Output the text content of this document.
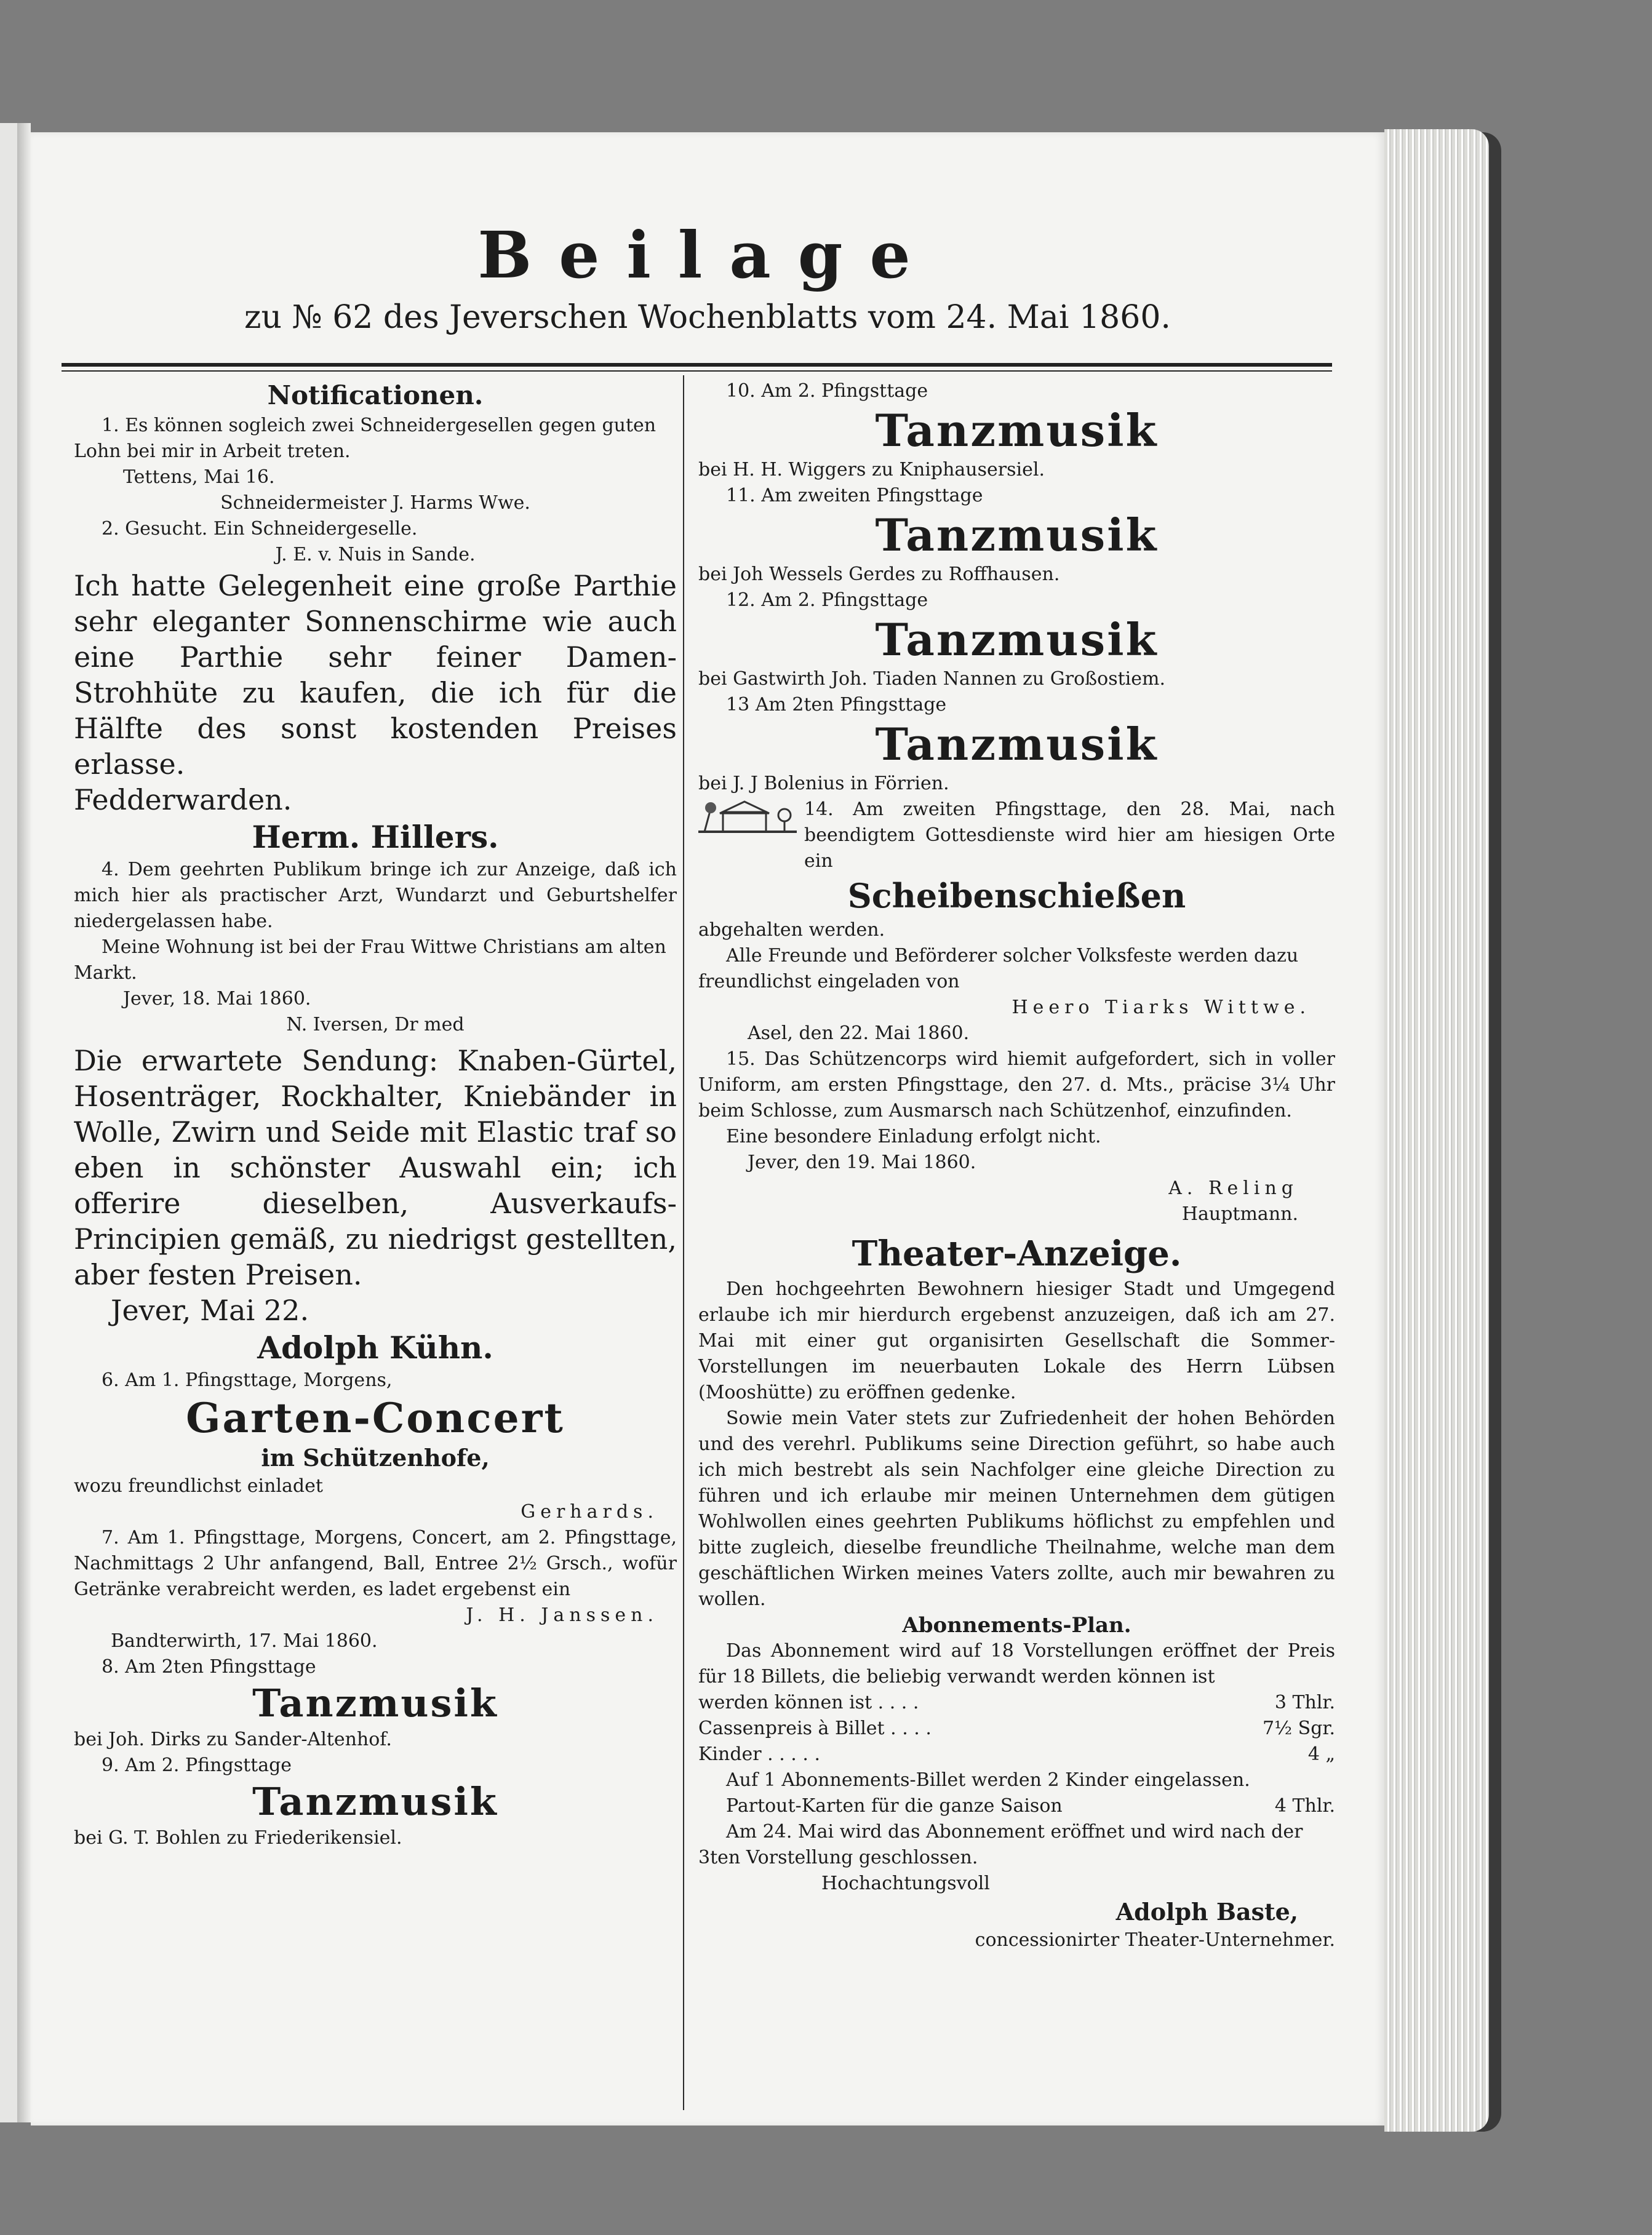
Beilage
zu № 62 des Jeverschen Wochenblatts vom 24. Mai 1860.

Notificationen.

1. Es können sogleich zwei Schneidergesellen gegen guten Lohn bei mir in Arbeit treten.

Tettens, Mai 16.

Schneidermeister J. Harms Wwe.

2. Gesucht. Ein Schneidergeselle.

J. E. v. Nuis in Sande.

Ich hatte Gelegenheit eine große Parthie sehr eleganter Sonnenschirme wie auch eine Parthie sehr feiner Damen-Strohhüte zu kaufen, die ich für die Hälfte des sonst kostenden Preises erlasse.

Fedderwarden.

Herm. Hillers.

4. Dem geehrten Publikum bringe ich zur Anzeige, daß ich mich hier als practischer Arzt, Wundarzt und Geburtshelfer niedergelassen habe.

Meine Wohnung ist bei der Frau Wittwe Christians am alten Markt.

Jever, 18. Mai 1860.

N. Iversen, Dr med

Die erwartete Sendung: Knaben-Gürtel, Hosenträger, Rockhalter, Kniebänder in Wolle, Zwirn und Seide mit Elastic traf so eben in schönster Auswahl ein; ich offerire dieselben, Ausverkaufs-Principien gemäß, zu niedrigst gestellten, aber festen Preisen.

Jever, Mai 22.

Adolph Kühn.

6. Am 1. Pfingsttage, Morgens,

Garten-Concert

im Schützenhofe,

wozu freundlichst einladet

Gerhards.

7. Am 1. Pfingsttage, Morgens, Concert, am 2. Pfingsttage, Nachmittags 2 Uhr anfangend, Ball, Entree 2½ Grsch., wofür Getränke verabreicht werden, es ladet ergebenst ein

J. H. Janssen.

Bandterwirth, 17. Mai 1860.

8. Am 2ten Pfingsttage

Tanzmusik

bei Joh. Dirks zu Sander-Altenhof.

9. Am 2. Pfingsttage

Tanzmusik

bei G. T. Bohlen zu Friederikensiel.

10. Am 2. Pfingsttage

Tanzmusik

bei H. H. Wiggers zu Kniphausersiel.

11. Am zweiten Pfingsttage

Tanzmusik

bei Joh Wessels Gerdes zu Roffhausen.

12. Am 2. Pfingsttage

Tanzmusik

bei Gastwirth Joh. Tiaden Nannen zu Großostiem.

13 Am 2ten Pfingsttage

Tanzmusik

bei J. J Bolenius in Förrien.

14. Am zweiten Pfingsttage, den 28. Mai, nach beendigtem Gottesdienste wird hier am hiesigen Orte ein

Scheibenschießen

abgehalten werden.

Alle Freunde und Beförderer solcher Volksfeste werden dazu freundlichst eingeladen von

Heero Tiarks Wittwe.

Asel, den 22. Mai 1860.

15. Das Schützencorps wird hiemit aufgefordert, sich in voller Uniform, am ersten Pfingsttage, den 27. d. Mts., präcise 3¼ Uhr beim Schlosse, zum Ausmarsch nach Schützenhof, einzufinden.

Eine besondere Einladung erfolgt nicht.

Jever, den 19. Mai 1860.

A. Reling

Hauptmann.

Theater-Anzeige.

Den hochgeehrten Bewohnern hiesiger Stadt und Umgegend erlaube ich mir hierdurch ergebenst anzuzeigen, daß ich am 27. Mai mit einer gut organisirten Gesellschaft die Sommer-Vorstellungen im neuerbauten Lokale des Herrn Lübsen (Mooshütte) zu eröffnen gedenke.

Sowie mein Vater stets zur Zufriedenheit der hohen Behörden und des verehrl. Publikums seine Direction geführt, so habe auch ich mich bestrebt als sein Nachfolger eine gleiche Direction zu führen und ich erlaube mir meinen Unternehmen dem gütigen Wohlwollen eines geehrten Publikums höflichst zu empfehlen und bitte zugleich, dieselbe freundliche Theilnahme, welche man dem geschäftlichen Wirken meines Vaters zollte, auch mir bewahren zu wollen.

Abonnements-Plan.

Das Abonnement wird auf 18 Vorstellungen eröffnet der Preis für 18 Billets, die beliebig verwandt werden können ist

werden können ist . . . .	3 Thlr.
Cassenpreis à Billet . . . .	7½ Sgr.
Kinder . . . . .	4 „

Auf 1 Abonnements-Billet werden 2 Kinder eingelassen.

Partout-Karten für die ganze Saison	4 Thlr.

Am 24. Mai wird das Abonnement eröffnet und wird nach der 3ten Vorstellung geschlossen.

Hochachtungsvoll

Adolph Baste,

concessionirter Theater-Unternehmer.
